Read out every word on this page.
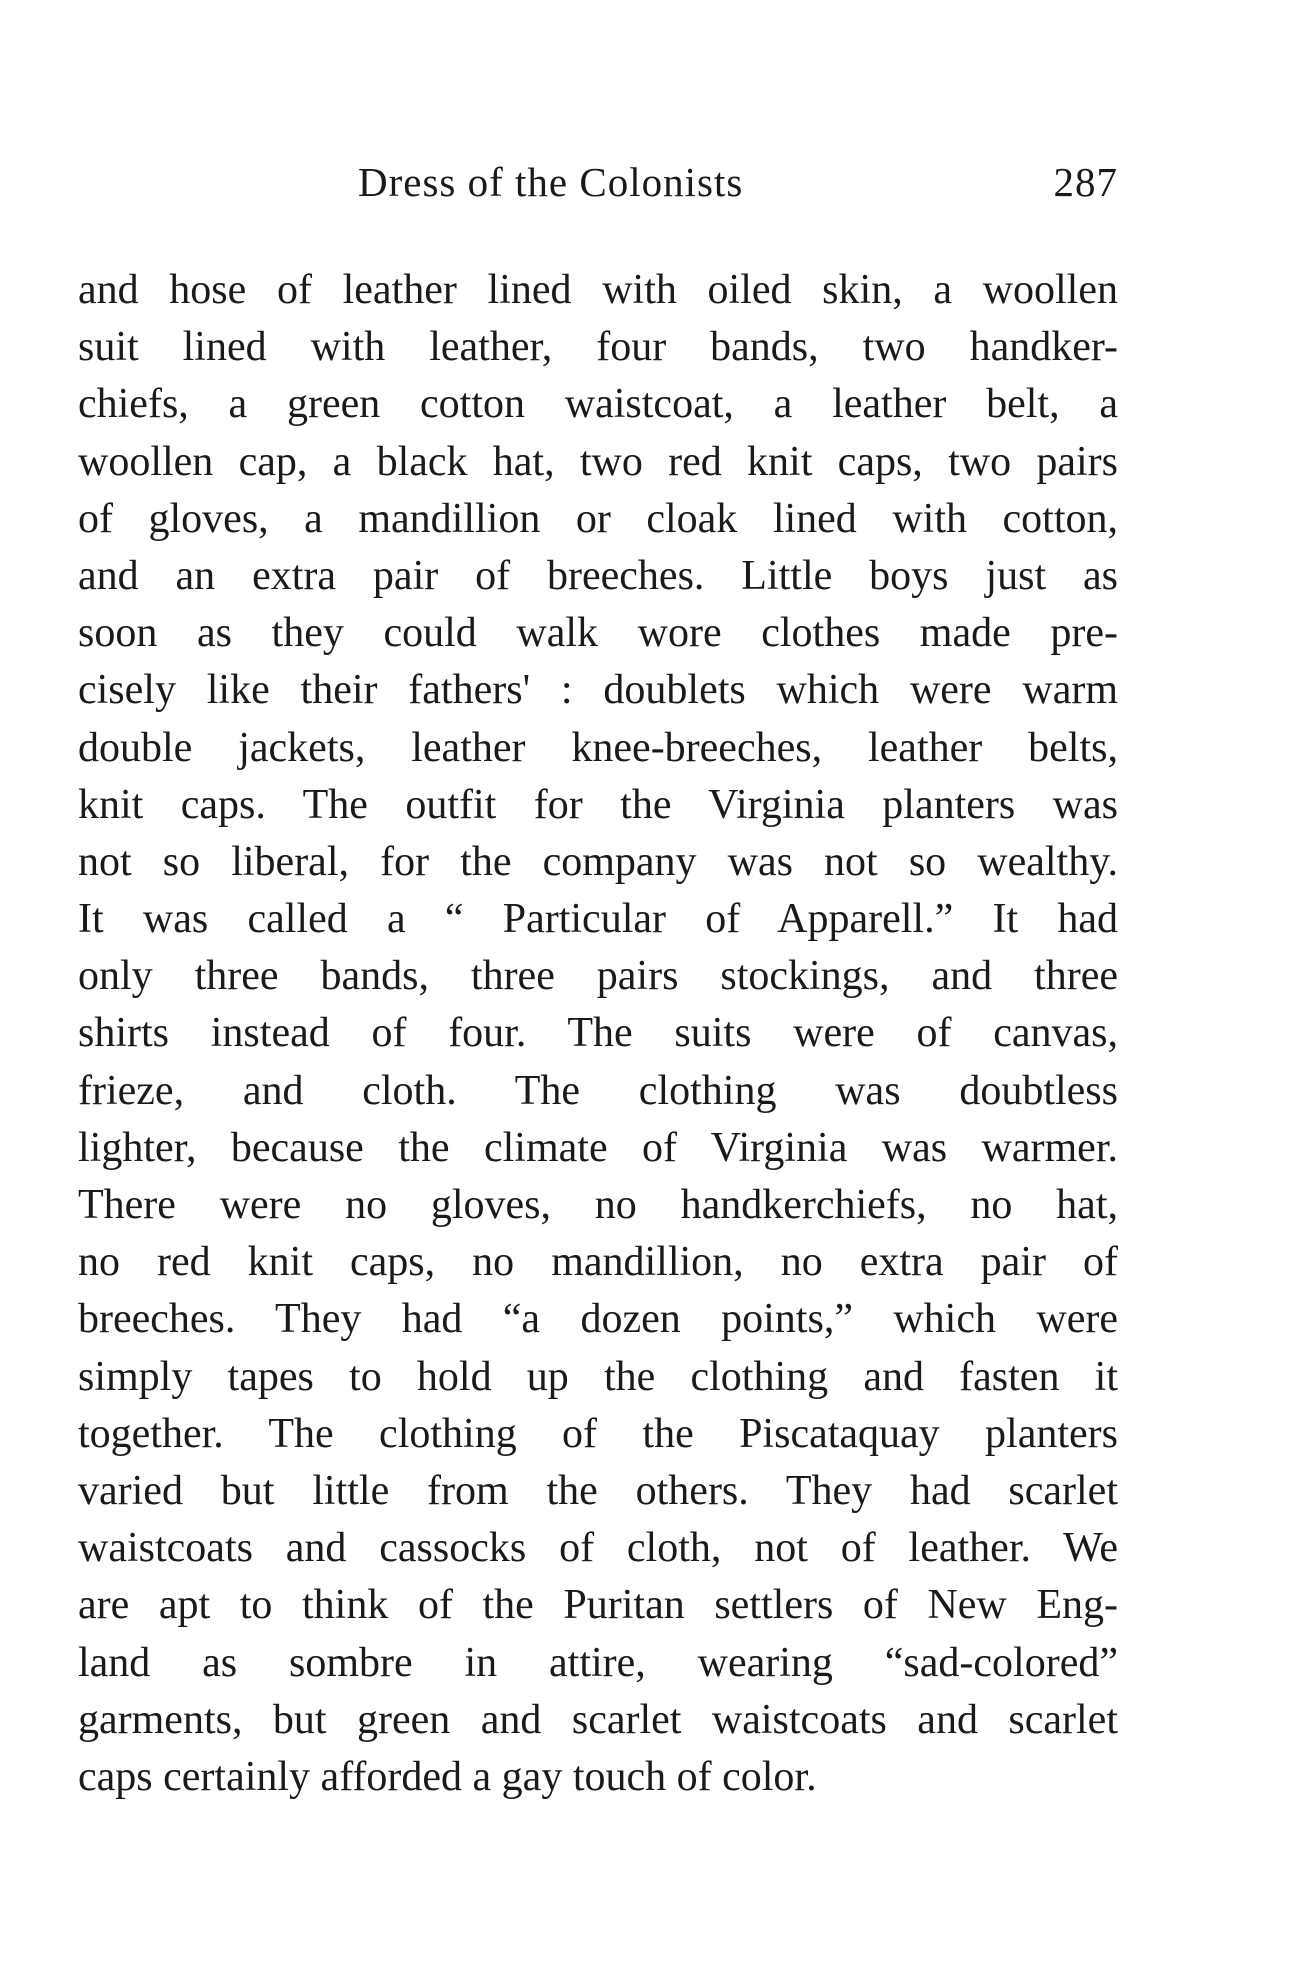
Dress of the Colonists	287
and hose of leather lined with oiled skin, a woollen
suit lined with leather, four bands, two handker-
chiefs, a green cotton waistcoat, a leather belt, a
woollen cap, a black hat, two red knit caps, two pairs
of gloves, a mandillion or cloak lined with cotton,
and an extra pair of breeches. Little boys just as
soon as they could walk wore clothes made pre-
cisely like their fathers' : doublets which were warm
double jackets, leather knee-breeches, leather belts,
knit caps. The outfit for the Virginia planters was
not so liberal, for the company was not so wealthy.
It was called a “ Particular of Apparell.” It had
only three bands, three pairs stockings, and three
shirts instead of four. The suits were of canvas,
frieze, and cloth. The clothing was doubtless
lighter, because the climate of Virginia was warmer.
There were no gloves, no handkerchiefs, no hat,
no red knit caps, no mandillion, no extra pair of
breeches. They had “a dozen points,” which were
simply tapes to hold up the clothing and fasten it
together. The clothing of the Piscataquay planters
varied but little from the others. They had scarlet
waistcoats and cassocks of cloth, not of leather. We
are apt to think of the Puritan settlers of New Eng-
land as sombre in attire, wearing “sad-colored”
garments, but green and scarlet waistcoats and scarlet
caps certainly afforded a gay touch of color.
